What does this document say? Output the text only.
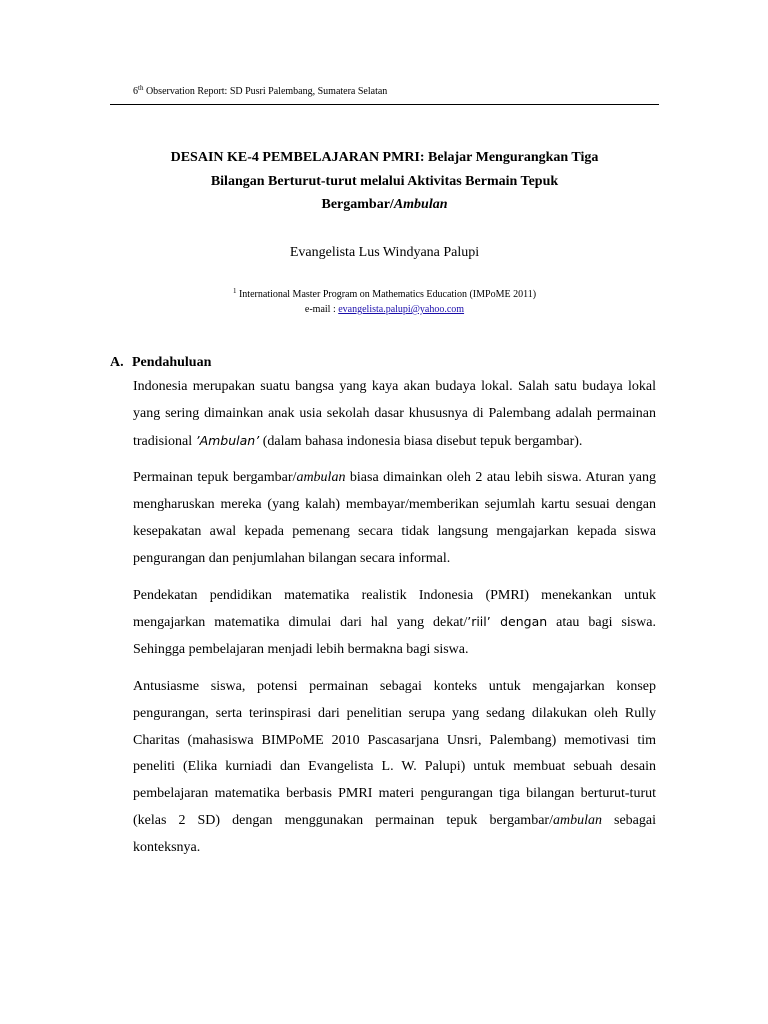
6th Observation Report: SD Pusri Palembang, Sumatera Selatan
DESAIN KE-4 PEMBELAJARAN PMRI: Belajar Mengurangkan Tiga
Bilangan Berturut-turut melalui Aktivitas Bermain Tepuk
Bergambar/Ambulan
Evangelista Lus Windyana Palupi
$^1$ International Master Program on Mathematics Education (IMPoME 2011)
e-mail : evangelista.palupi@yahoo.com
A. Pendahuluan

Indonesia merupakan suatu bangsa yang kaya akan budaya lokal. Salah satu budaya lokal yang sering dimainkan anak usia sekolah dasar khususnya di Palembang adalah permainan tradisional ’Ambulan’ (dalam bahasa indonesia biasa disebut tepuk bergambar).

Permainan tepuk bergambar/ambulan biasa dimainkan oleh 2 atau lebih siswa. Aturan yang mengharuskan mereka (yang kalah) membayar/memberikan sejumlah kartu sesuai dengan kesepakatan awal kepada pemenang secara tidak langsung mengajarkan kepada siswa pengurangan dan penjumlahan bilangan secara informal.

Pendekatan pendidikan matematika realistik Indonesia (PMRI) menekankan untuk mengajarkan matematika dimulai dari hal yang dekat/’riil’ dengan atau bagi siswa. Sehingga pembelajaran menjadi lebih bermakna bagi siswa.

Antusiasme siswa, potensi permainan sebagai konteks untuk mengajarkan konsep pengurangan, serta terinspirasi dari penelitian serupa yang sedang dilakukan oleh Rully Charitas (mahasiswa BIMPoME 2010 Pascasarjana Unsri, Palembang) memotivasi tim peneliti (Elika kurniadi dan Evangelista L. W. Palupi) untuk membuat sebuah desain pembelajaran matematika berbasis PMRI materi pengurangan tiga bilangan berturut-turut (kelas 2 SD) dengan menggunakan permainan tepuk bergambar/ambulan sebagai konteksnya.
